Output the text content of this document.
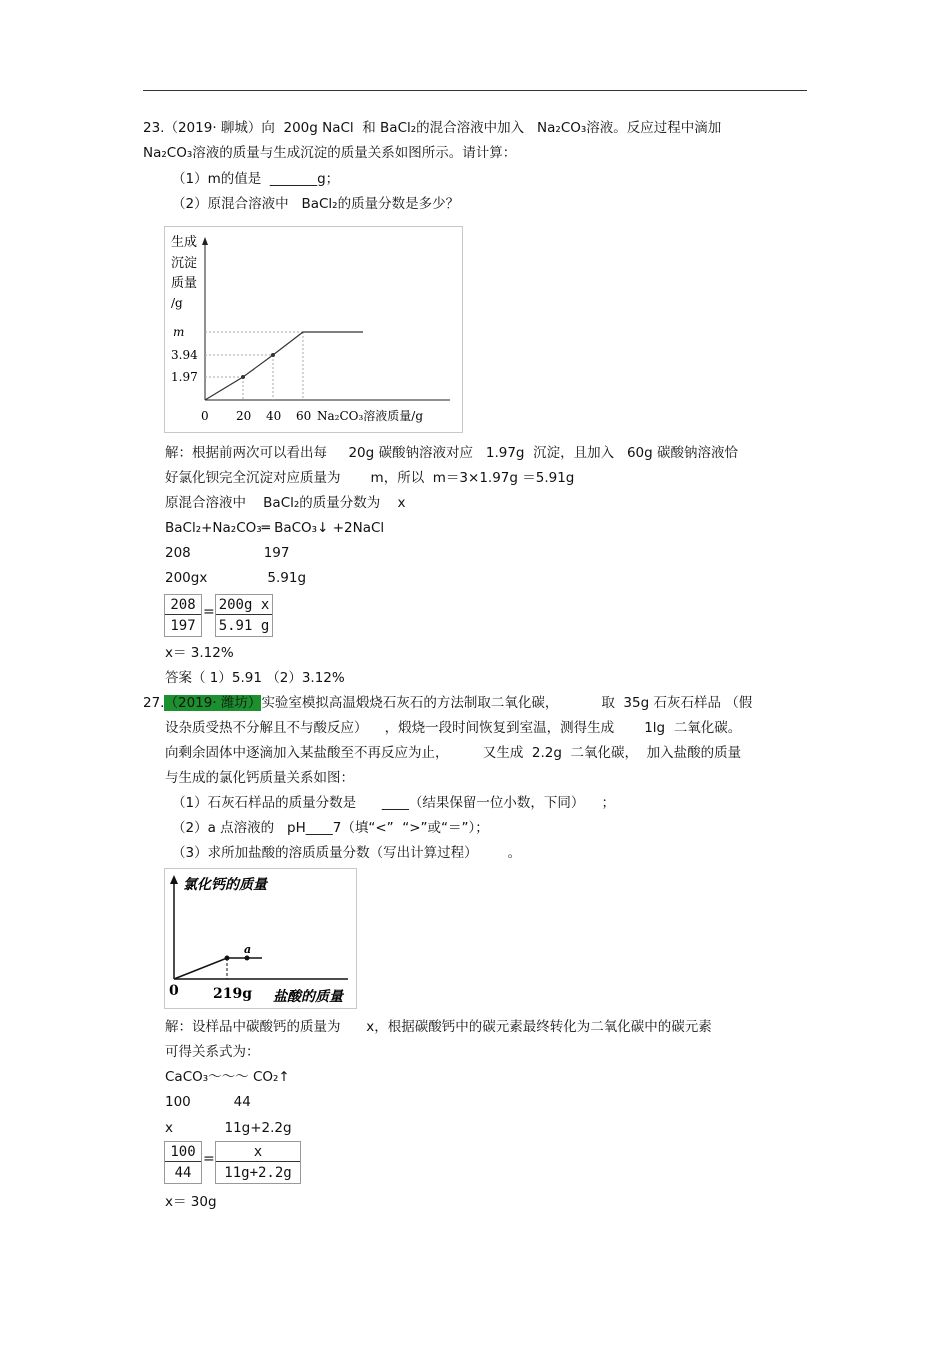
23.（2019· 聊城）向  200g NaCl  和 BaCl₂的混合溶液中加入   Na₂CO₃溶液。反应过程中滴加
Na₂CO₃溶液的质量与生成沉淀的质量关系如图所示。请计算：
（1）m的值是  _______g；
（2）原混合溶液中   BaCl₂的质量分数是多少？
生成
沉淀
质量
/g
m
3.94
1.97
0 20 40 60 Na₂CO₃溶液质量/g
解：根据前两次可以看出每     20g 碳酸钠溶液对应   1.97g  沉淀，且加入   60g 碳酸钠溶液恰
好氯化钡完全沉淀对应质量为       m，所以  m＝3×1.97g ＝5.91g
原混合溶液中    BaCl₂的质量分数为    x
BaCl₂+Na₂CO₃═ BaCO₃↓ +2NaCl
208                 197
200gx              5.91g
208
197
= 200g x
5.91 g
x＝ 3.12%
答案（ 1）5.91 （2）3.12%
27.（2019· 潍坊）实验室模拟高温煅烧石灰石的方法制取二氧化碳，          取  35g 石灰石样品 （假
设杂质受热不分解且不与酸反应）    ，煅烧一段时间恢复到室温，测得生成       1lg  二氧化碳。
向剩余固体中逐滴加入某盐酸至不再反应为止，        又生成  2.2g  二氧化碳，  加入盐酸的质量
与生成的氯化钙质量关系如图：
（1）石灰石样品的质量分数是      ____（结果保留一位小数，下同）    ；
（2）a 点溶液的   pH____7（填“<”  “>”或“＝”）；
（3）求所加盐酸的溶质质量分数（写出计算过程）       。
氯化钙的质量
a
0 219g 盐酸的质量
解：设样品中碳酸钙的质量为      x，根据碳酸钙中的碳元素最终转化为二氧化碳中的碳元素
可得关系式为：
CaCO₃～～～ CO₂↑
100          44
x            11g+2.2g
100
44
=	x
11g+2.2g
x＝ 30g
